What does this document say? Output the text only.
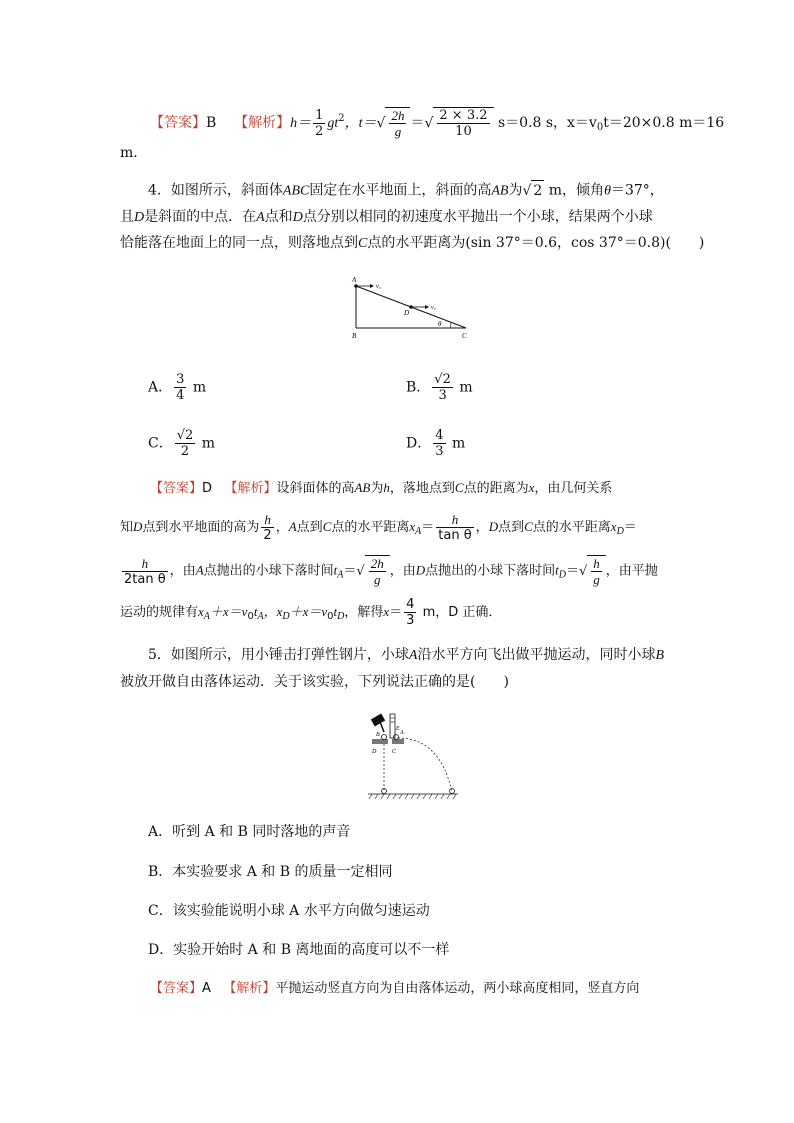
【答案】B 【解析】$h= \frac{1}{2} gt^2$，$t=√ \frac{2h}{g}$ ＝√ $\frac{2 \times 3.2}{10} s=0.8$ s，$x=v_0t=20\times 0.8$ m＝16
m.
4．如图所示，斜面体ABC固定在水平地面上，斜面的高AB为√ 2 m，倾角θ＝37°，
且D是斜面的中点．在A点和D点分别以相同的初速度水平抛出一个小球，结果两个小球
恰能落在地面上的同一点，则落地点到C点的水平距离为(sin 37°＝0.6，cos 37°＝0.8)(　　)
A
B	C
D
v₀
v₀
θ
A． $\frac{3}{4}$ m	B． $\frac{√2}{3}$ m
C． $\frac{√2}{2}$ m	D． $\frac{4}{3}$ m
【答案】D 【解析】设斜面体的高AB为h，落地点到C点的距离为x，由几何关系
知D点到水平地面的高为 $\frac{h}{2}$ ，A点到C点的水平距离$x_A= \frac{h}{\text{tan θ}}$ ，D点到C点的水平距离$x_D=$
$\frac{h}{\text{2tan θ}}$ ，由A点抛出的小球下落时间$t_A=√ \frac{2h}{g}$ ，由D点抛出的小球下落时间$t_D=√ \frac{h}{g}$ ，由平抛
运动的规律有$x_A+x=v_0t_A$，$x_D+x=v_0t_D$，解得$x= \frac{4}{3}$ m，D 正确．
5．如图所示，用小锤击打弹性钢片，小球A沿水平方向飞出做平抛运动，同时小球B
被放开做自由落体运动．关于该实验，下列说法正确的是(　　)
B	A
E
D	C
A．听到 A 和 B 同时落地的声音
B．本实验要求 A 和 B 的质量一定相同
C．该实验能说明小球 A 水平方向做匀速运动
D．实验开始时 A 和 B 离地面的高度可以不一样
【答案】A 【解析】平抛运动竖直方向为自由落体运动，两小球高度相同，竖直方向
